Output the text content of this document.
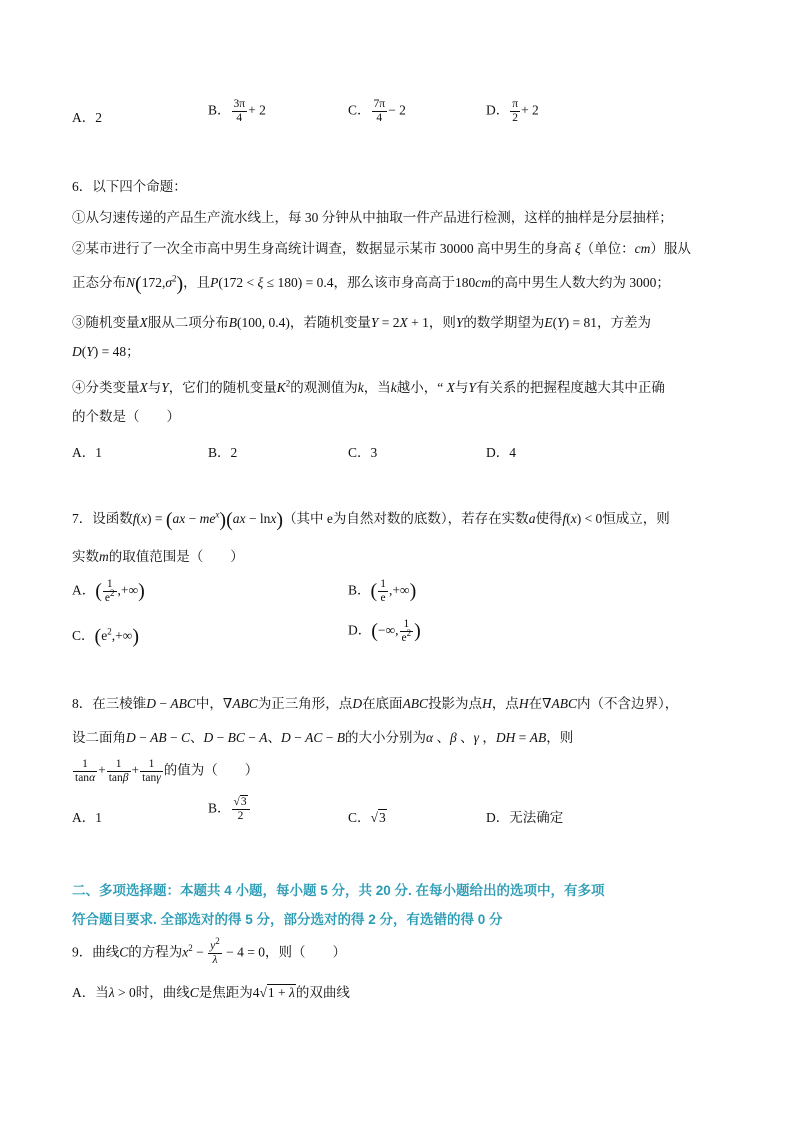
A．2	B． $\frac{3\pi}{4} + 2$	C． $\frac{7\pi}{4} - 2$	D． $\frac{\pi}{2} + 2$
6．以下四个命题：
①从匀速传递的产品生产流水线上，每 30 分钟从中抽取一件产品进行检测，这样的抽样是分层抽样；
②某市进行了一次全市高中男生身高统计调查，数据显示某市 30000 高中男生的身高 ξ（单位：cm）服从
正态分布$N(172,\sigma^2)$，且P(172 < ξ ≤ 180) = 0.4，那么该市身高高于180cm的高中男生人数大约为 3000；
③随机变量X服从二项分布B(100, 0.4)，若随机变量Y = 2X + 1，则Y的数学期望为E(Y) = 81，方差为
D(Y) = 48；
④分类变量X与Y，它们的随机变量$K^2$的观测值为k，当k越小，“ X与Y有关系的把握程度越大其中正确
的个数是（　　）
A．1	B．2	C．3	D．4
7．设函数$f(x) = (ax - me^x)(ax - \ln x)$（其中 e为自然对数的底数），若存在实数a使得f(x) < 0恒成立，则
实数m的取值范围是（　　）
A．( $\frac{1}{e^2}$ ,+∞)	B．( $\frac{1}{e}$ ,+∞)
C．$(e^2,+\infty)$	D．(−∞, $\frac{1}{e^2}$ )
8．在三棱锥D − ABC中，∇ABC为正三角形，点D在底面ABC投影为点H，点H在∇ABC内（不含边界），
设二面角D − AB − C、D − BC − A、D − AC − B的大小分别为α 、β 、γ ，DH = AB，则
$\frac{1}{\tan\alpha} + \frac{1}{\tan\beta} + \frac{1}{\tan\gamma}$ 的值为（　　）
A．1
B． $\frac{√3}{2}$	C．√3	D．无法确定
二、多项选择题：本题共 4 小题，每小题 5 分，共 20 分. 在每小题给出的选项中，有多项
符合题目要求. 全部选对的得 5 分，部分选对的得 2 分，有选错的得 0 分
9．曲线C的方程为$x^2 - \frac{y^2}{\lambda} - 4 = 0$，则（　　）
A．当λ > 0时，曲线C是焦距为4√1 + λ的双曲线
